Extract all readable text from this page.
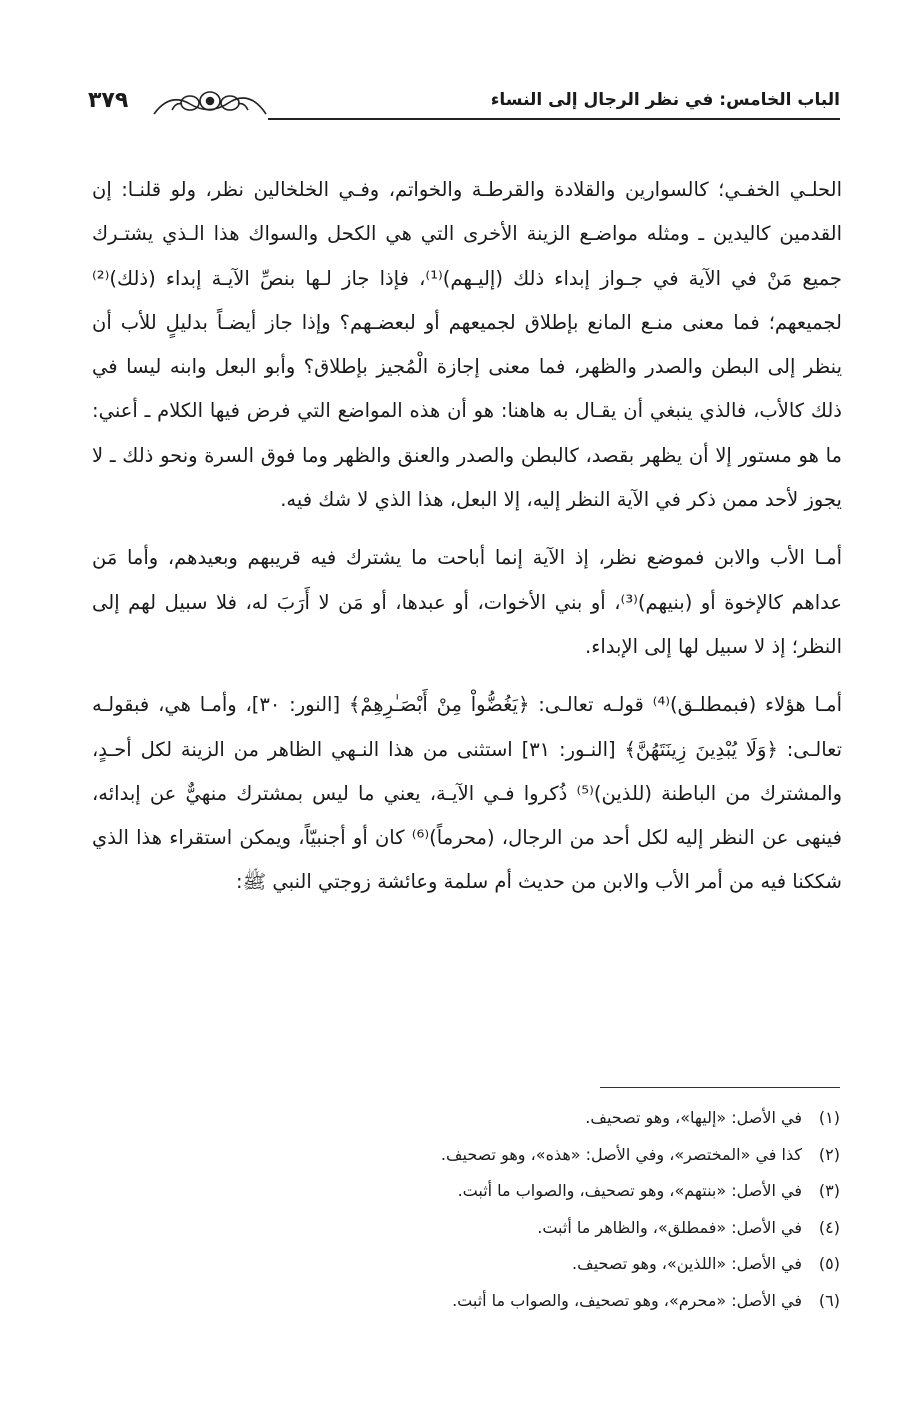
الباب الخامس: في نظر الرجال إلى النساء
٣٧٩

الحلـي الخفـي؛ كالسوارين والقلادة والقرطـة والخواتم، وفـي الخلخالين نظر، ولو قلنـا: إن القدمين كاليدين ـ ومثله مواضـع الزينة الأخرى التي هي الكحل والسواك هذا الـذي يشتـرك جميع مَنْ في الآية في جـواز إبداء ذلك (إليـهم)⁽¹⁾، فإذا جاز لـها بنصِّ الآيـة إبداء (ذلك)⁽²⁾ لجميعهم؛ فما معنى منـع المانع بإطلاق لجميعهم أو لبعضـهم؟ وإذا جاز أيضـاً بدليلٍ للأب أن ينظر إلى البطن والصدر والظهر، فما معنى إجازة الْمُجيز بإطلاق؟ وأبو البعل وابنه ليسا في ذلك كالأب، فالذي ينبغي أن يقـال به هاهنا: هو أن هذه المواضع التي فرض فيها الكلام ـ أعني: ما هو مستور إلا أن يظهر بقصد، كالبطن والصدر والعنق والظهر وما فوق السرة ونحو ذلك ـ لا يجوز لأحد ممن ذكر في الآية النظر إليه، إلا البعل، هذا الذي لا شك فيه.

أمـا الأب والابن فموضع نظر، إذ الآية إنما أباحت ما يشترك فيه قريبهم وبعيدهم، وأما مَن عداهم كالإخوة أو (بنيهم)⁽³⁾، أو بني الأخوات، أو عبدها، أو مَن لا أَرَبَ له، فلا سبيل لهم إلى النظر؛ إذ لا سبيل لها إلى الإبداء.

أمـا هؤلاء (فبمطلـق)⁽⁴⁾ قولـه تعالـى: ﴿يَغُضُّواْ مِنْ أَبْصَـٰرِهِمْ﴾ [النور: ٣٠]، وأمـا هي، فبقولـه تعالـى: ﴿وَلَا يُبْدِينَ زِينَتَهُنَّ﴾ [النـور: ٣١] استثنى من هذا النـهي الظاهر من الزينة لكل أحـدٍ، والمشترك من الباطنة (للذين)⁽⁵⁾ ذُكروا فـي الآيـة، يعني ما ليس بمشترك منهيٌّ عن إبدائه، فينهى عن النظر إليه لكل أحد من الرجال، (محرماً)⁽⁶⁾ كان أو أجنبيّاً، ويمكن استقراء هذا الذي شككنا فيه من أمر الأب والابن من حديث أم سلمة وعائشة زوجتي النبي ﷺ:

(١)في الأصل: «إليها»، وهو تصحيف.
(٢)كذا في «المختصر»، وفي الأصل: «هذه»، وهو تصحيف.
(٣)في الأصل: «بنتهم»، وهو تصحيف، والصواب ما أثبت.
(٤)في الأصل: «فمطلق»، والظاهر ما أثبت.
(٥)في الأصل: «اللذين»، وهو تصحيف.
(٦)في الأصل: «محرم»، وهو تصحيف، والصواب ما أثبت.
